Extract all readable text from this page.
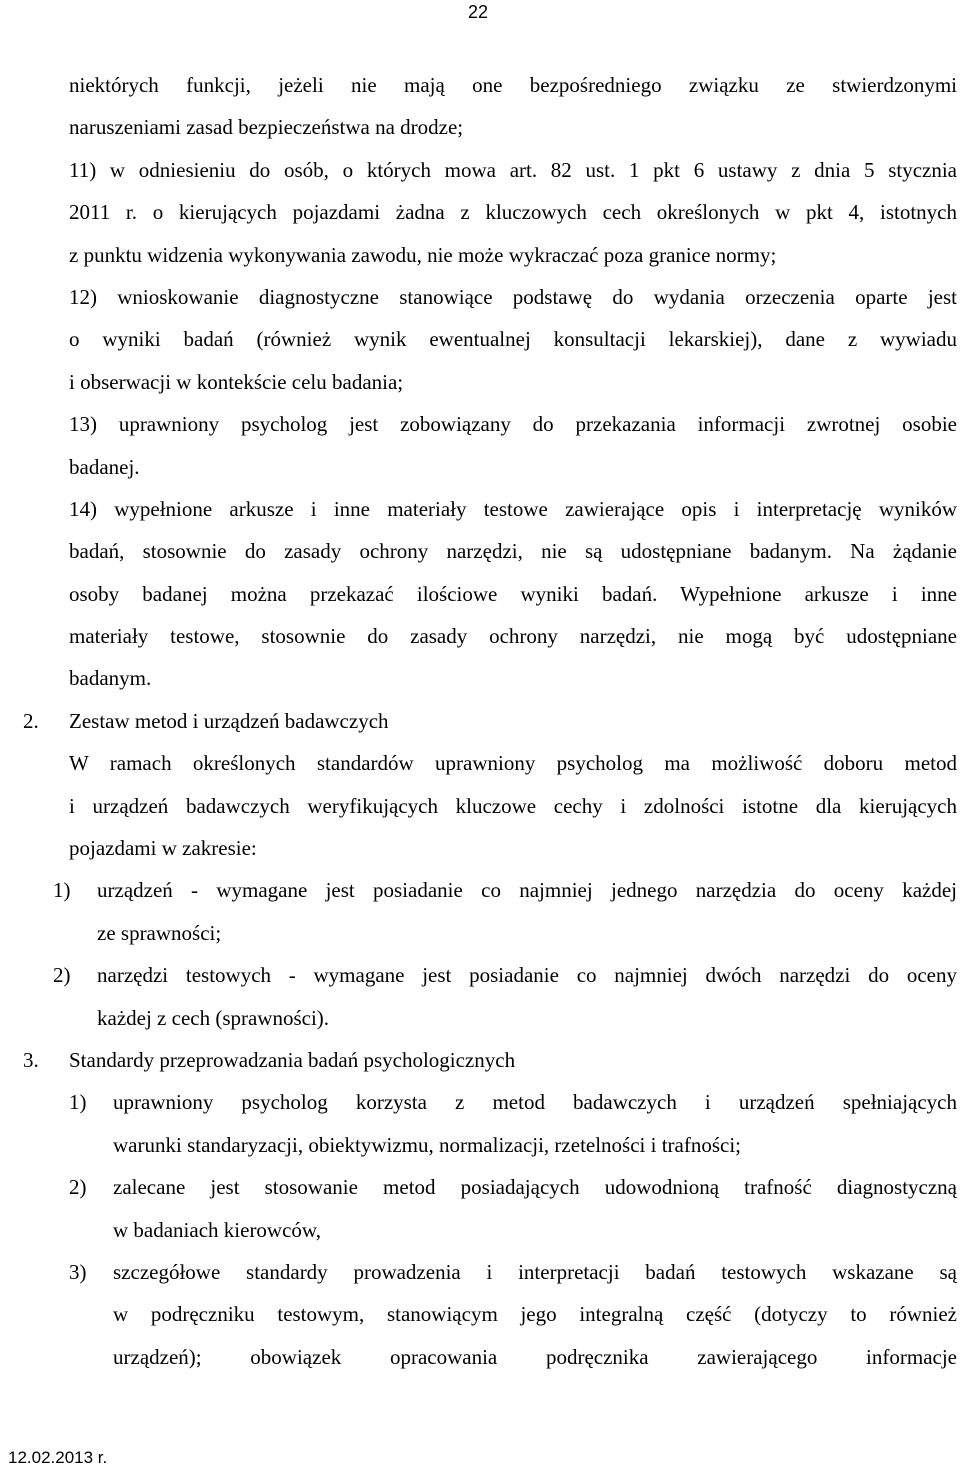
22
niektórych funkcji, jeżeli nie mają one bezpośredniego związku ze stwierdzonymi
naruszeniami zasad bezpieczeństwa na drodze;
11) w odniesieniu do osób, o których mowa art. 82 ust. 1 pkt 6 ustawy z dnia 5 stycznia
2011 r. o kierujących pojazdami żadna z kluczowych cech określonych w pkt 4, istotnych
z punktu widzenia wykonywania zawodu, nie może wykraczać poza granice normy;
12) wnioskowanie diagnostyczne stanowiące podstawę do wydania orzeczenia oparte jest
o wyniki badań (również wynik ewentualnej konsultacji lekarskiej), dane z wywiadu
i obserwacji w kontekście celu badania;
13) uprawniony psycholog jest zobowiązany do przekazania informacji zwrotnej osobie
badanej.
14) wypełnione arkusze i inne materiały testowe zawierające opis i interpretację wyników
badań, stosownie do zasady ochrony narzędzi, nie są udostępniane badanym. Na żądanie
osoby badanej można przekazać ilościowe wyniki badań. Wypełnione arkusze i inne
materiały testowe, stosownie do zasady ochrony narzędzi, nie mogą być udostępniane
badanym.
2.	Zestaw metod i urządzeń badawczych
W ramach określonych standardów uprawniony psycholog ma możliwość doboru metod
i urządzeń badawczych weryfikujących kluczowe cechy i zdolności istotne dla kierujących
pojazdami w zakresie:
1)	urządzeń - wymagane jest posiadanie co najmniej jednego narzędzia do oceny każdej
ze sprawności;
2)	narzędzi testowych - wymagane jest posiadanie co najmniej dwóch narzędzi do oceny
każdej z cech (sprawności).
3.	Standardy przeprowadzania badań psychologicznych
1)	uprawniony psycholog korzysta z metod badawczych i urządzeń spełniających
warunki standaryzacji, obiektywizmu, normalizacji, rzetelności i trafności;
2)	zalecane jest stosowanie metod posiadających udowodnioną trafność diagnostyczną
w badaniach kierowców,
3)	szczegółowe standardy prowadzenia i interpretacji badań testowych wskazane są
w podręczniku testowym, stanowiącym jego integralną część (dotyczy to również
urządzeń); obowiązek opracowania podręcznika zawierającego informacje
12.02.2013 r.
